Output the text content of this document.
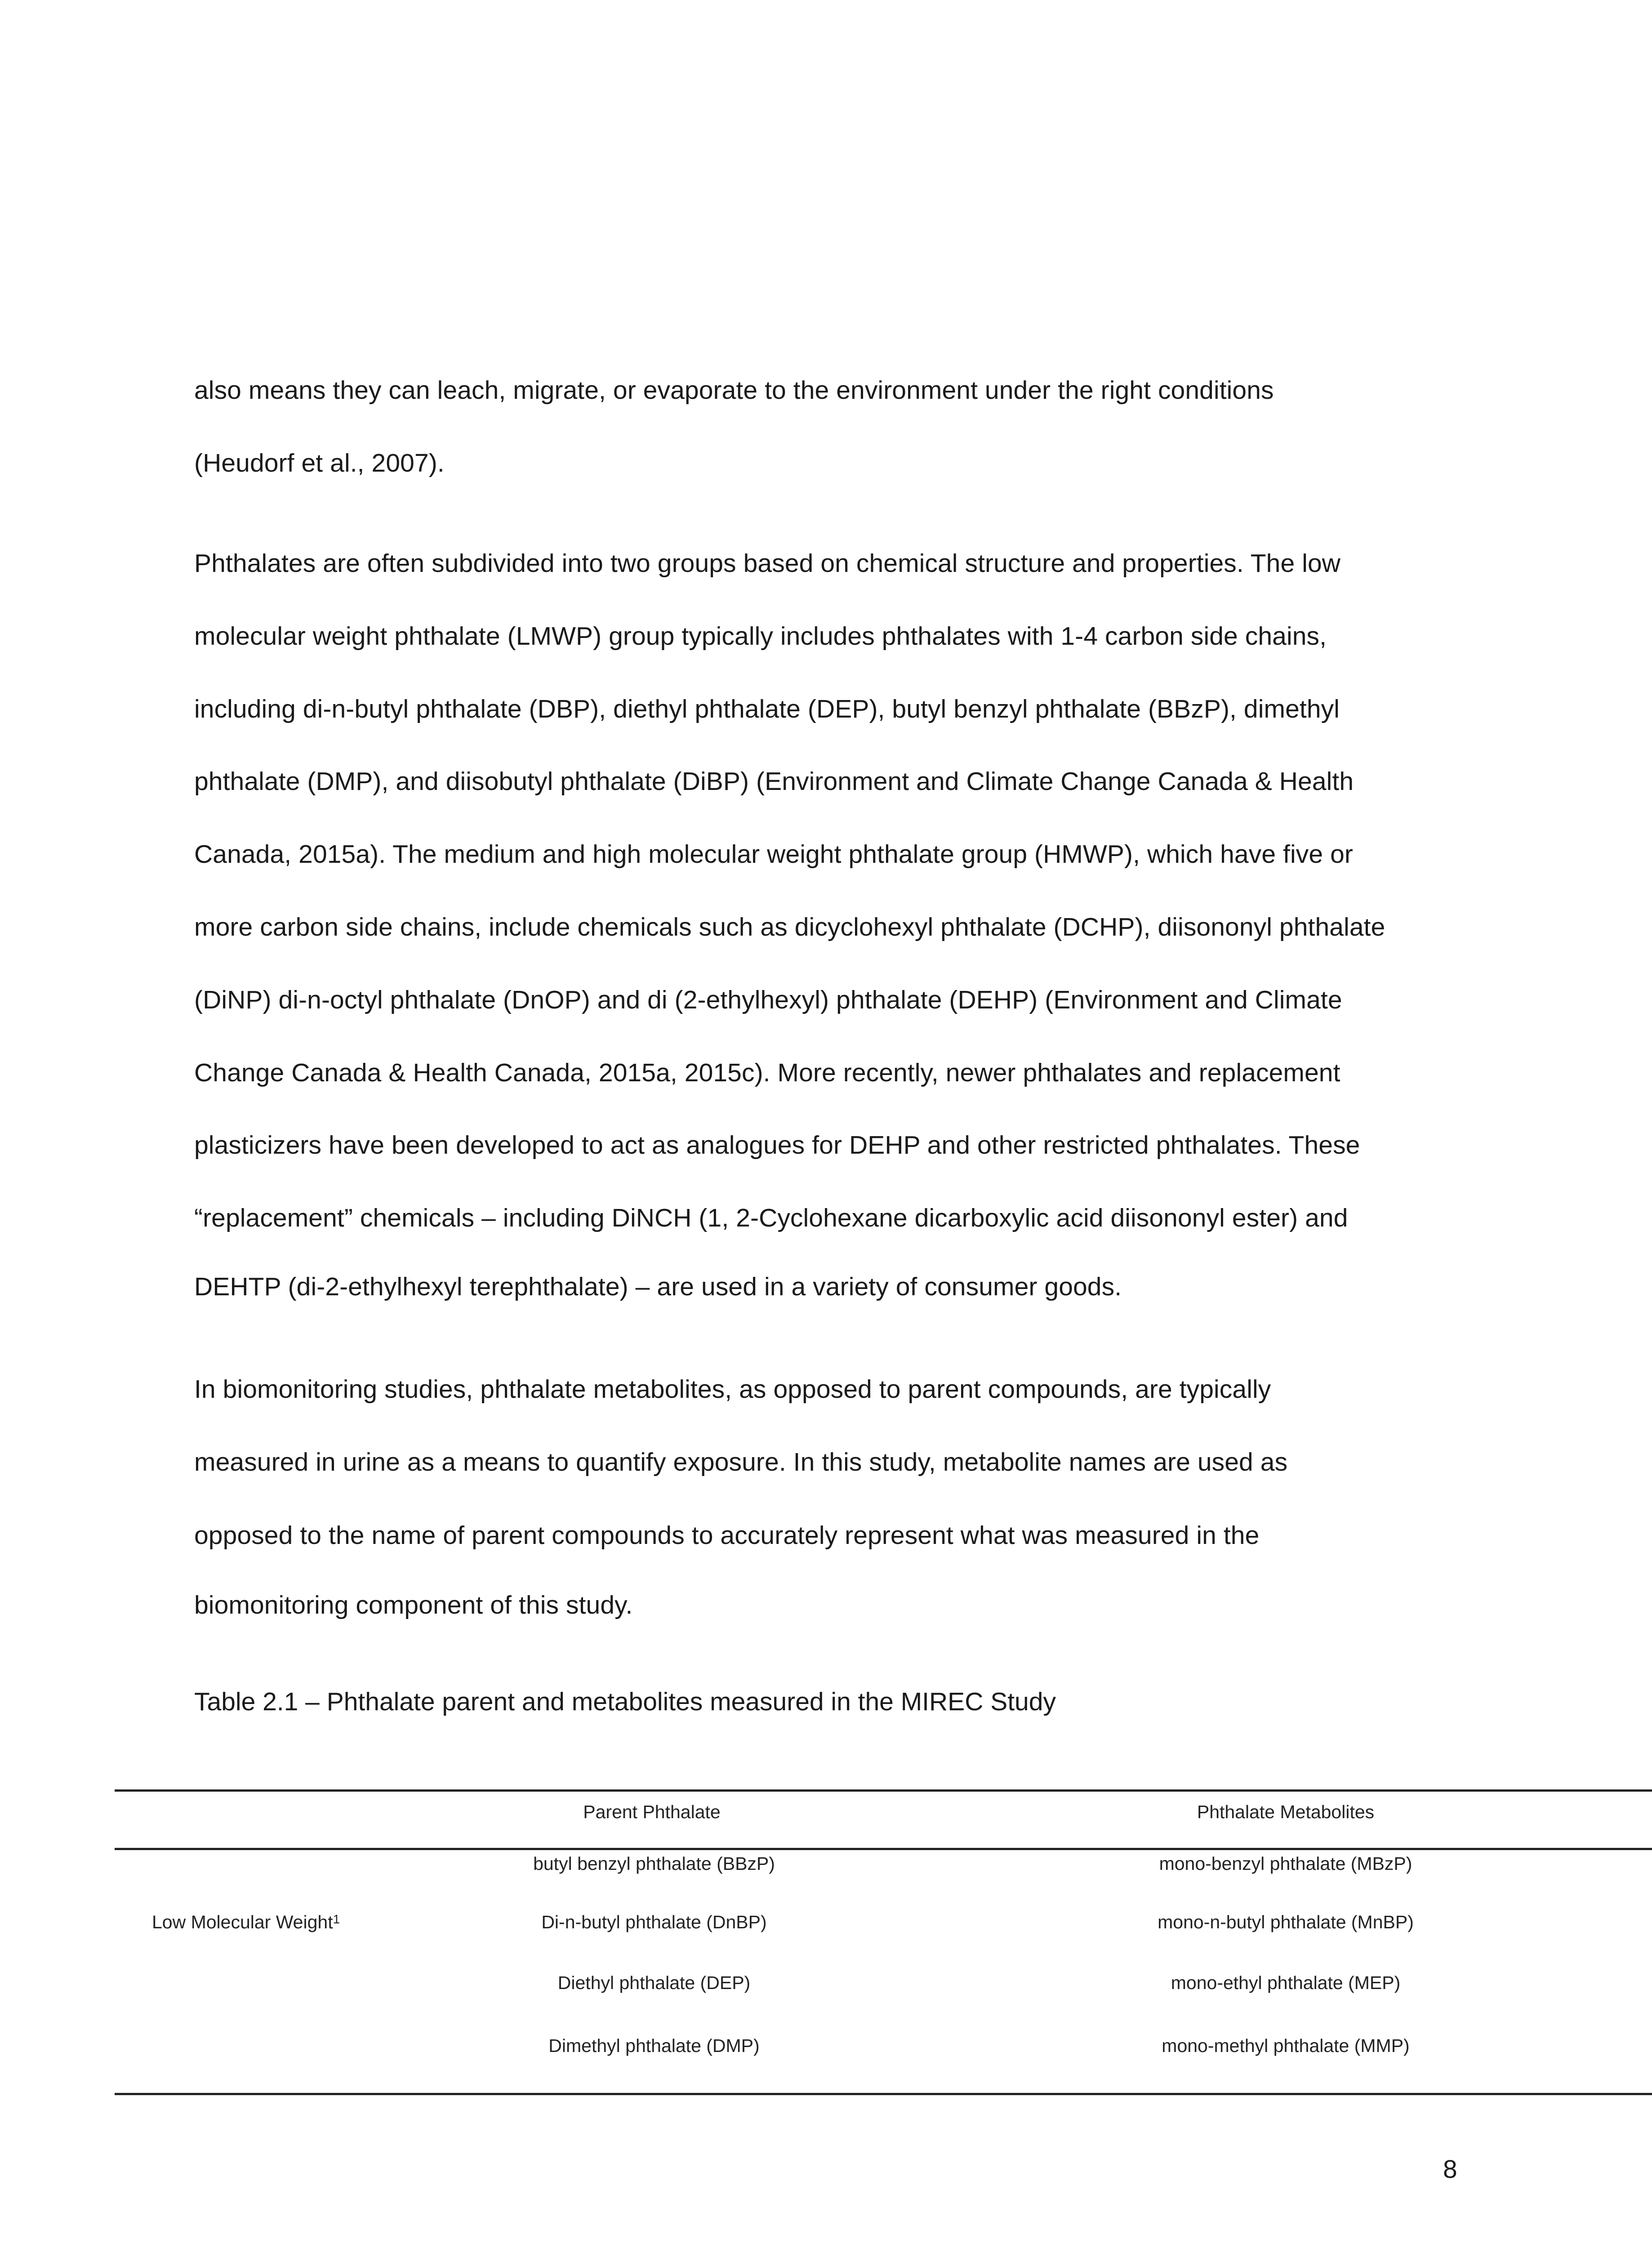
also means they can leach, migrate, or evaporate to the environment under the right conditions
(Heudorf et al., 2007).
Phthalates are often subdivided into two groups based on chemical structure and properties. The low
molecular weight phthalate (LMWP) group typically includes phthalates with 1-4 carbon side chains,
including di-n-butyl phthalate (DBP), diethyl phthalate (DEP), butyl benzyl phthalate (BBzP), dimethyl
phthalate (DMP), and diisobutyl phthalate (DiBP) (Environment and Climate Change Canada & Health
Canada, 2015a). The medium and high molecular weight phthalate group (HMWP), which have five or
more carbon side chains, include chemicals such as dicyclohexyl phthalate (DCHP), diisononyl phthalate
(DiNP) di-n-octyl phthalate (DnOP) and di (2-ethylhexyl) phthalate (DEHP) (Environment and Climate
Change Canada & Health Canada, 2015a, 2015c). More recently, newer phthalates and replacement
plasticizers have been developed to act as analogues for DEHP and other restricted phthalates. These
“replacement” chemicals – including DiNCH (1, 2-Cyclohexane dicarboxylic acid diisononyl ester) and
DEHTP (di-2-ethylhexyl terephthalate) – are used in a variety of consumer goods.
In biomonitoring studies, phthalate metabolites, as opposed to parent compounds, are typically
measured in urine as a means to quantify exposure. In this study, metabolite names are used as
opposed to the name of parent compounds to accurately represent what was measured in the
biomonitoring component of this study.
Table 2.1 – Phthalate parent and metabolites measured in the MIREC Study
Parent Phthalate	Phthalate Metabolites
Low Molecular Weight$^1$
butyl benzyl phthalate (BBzP)	mono-benzyl phthalate (MBzP)
Di-n-butyl phthalate (DnBP)	mono-n-butyl phthalate (MnBP)
Diethyl phthalate (DEP)	mono-ethyl phthalate (MEP)
Dimethyl phthalate (DMP)	mono-methyl phthalate (MMP)
8
